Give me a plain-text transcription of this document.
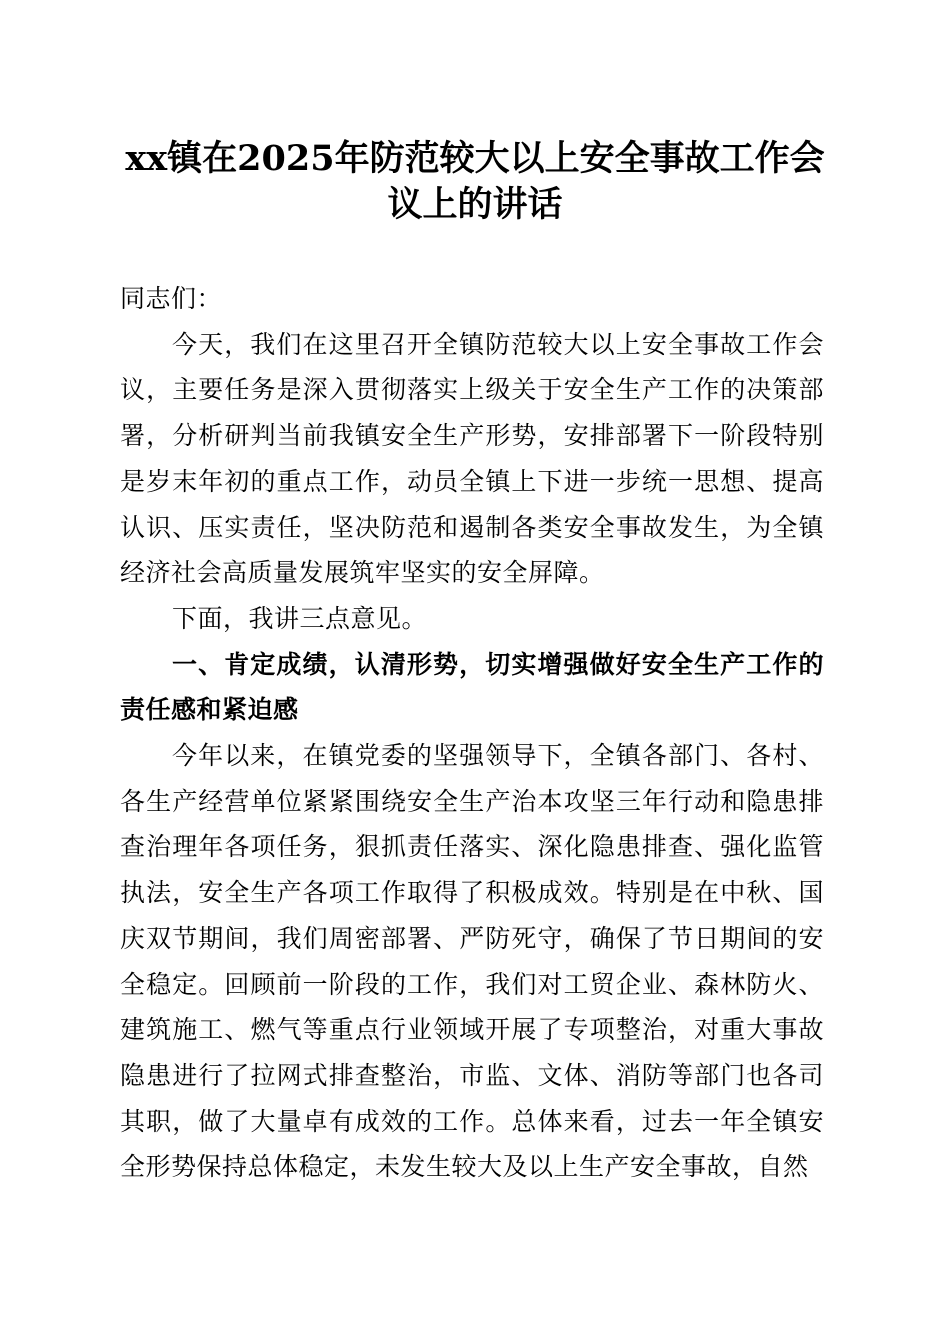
xx镇在2025年防范较大以上安全事故工作会
议上的讲话

同志们：

今天，我们在这里召开全镇防范较大以上安全事故工作会议，主要任务是深入贯彻落实上级关于安全生产工作的决策部署，分析研判当前我镇安全生产形势，安排部署下一阶段特别是岁末年初的重点工作，动员全镇上下进一步统一思想、提高认识、压实责任，坚决防范和遏制各类安全事故发生，为全镇经济社会高质量发展筑牢坚实的安全屏障。

下面，我讲三点意见。

一、肯定成绩，认清形势，切实增强做好安全生产工作的责任感和紧迫感

今年以来，在镇党委的坚强领导下，全镇各部门、各村、各生产经营单位紧紧围绕安全生产治本攻坚三年行动和隐患排查治理年各项任务，狠抓责任落实、深化隐患排查、强化监管执法，安全生产各项工作取得了积极成效。特别是在中秋、国庆双节期间，我们周密部署、严防死守，确保了节日期间的安全稳定。回顾前一阶段的工作，我们对工贸企业、森林防火、建筑施工、燃气等重点行业领域开展了专项整治，对重大事故隐患进行了拉网式排查整治，市监、文体、消防等部门也各司其职，做了大量卓有成效的工作。总体来看，过去一年全镇安全形势保持总体稳定，未发生较大及以上生产安全事故，自然
